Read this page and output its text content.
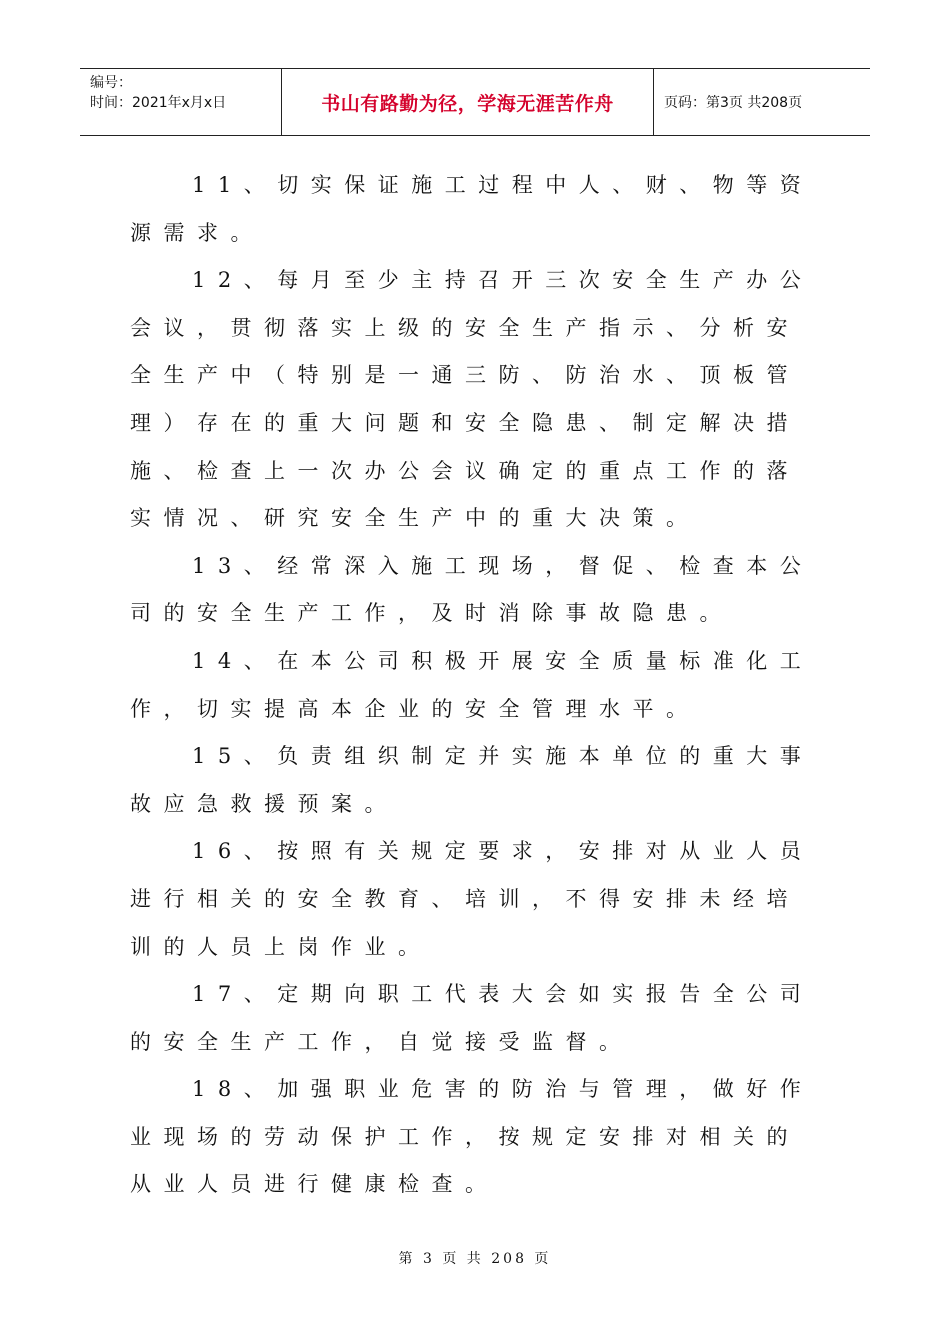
编号：
时间：2021年x月x日	书山有路勤为径，学海无涯苦作舟	页码：第3页 共208页

11、切实保证施工过程中人、财、物等资源需求。

12、每月至少主持召开三次安全生产办公会议，贯彻落实上级的安全生产指示、分析安全生产中（特别是一通三防、防治水、顶板管理）存在的重大问题和安全隐患、制定解决措施、检查上一次办公会议确定的重点工作的落实情况、研究安全生产中的重大决策。

13、经常深入施工现场，督促、检查本公司的安全生产工作，及时消除事故隐患。

14、在本公司积极开展安全质量标准化工作，切实提高本企业的安全管理水平。

15、负责组织制定并实施本单位的重大事故应急救援预案。

16、按照有关规定要求，安排对从业人员进行相关的安全教育、培训，不得安排未经培训的人员上岗作业。

17、定期向职工代表大会如实报告全公司的安全生产工作，自觉接受监督。

18、加强职业危害的防治与管理，做好作业现场的劳动保护工作，按规定安排对相关的从业人员进行健康检查。

第 3 页 共 208 页
